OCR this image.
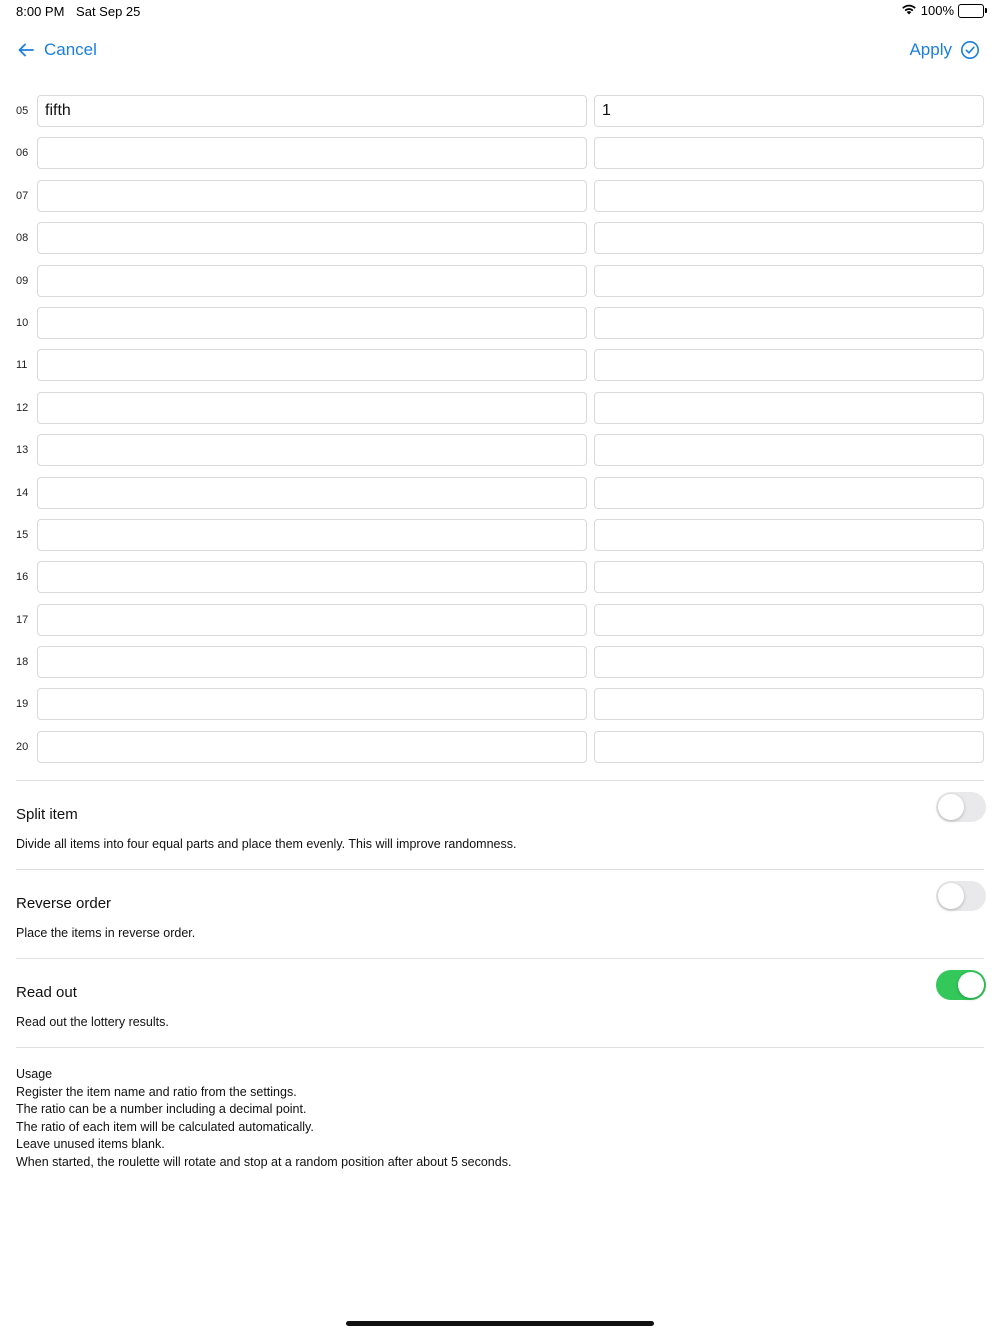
8:00 PM Sat Sep 25	100%
Cancel	Apply
05
fifth
1
06
07
08
09
10
11
12
13
14
15
16
17
18
19
20
Split item
Divide all items into four equal parts and place them evenly. This will improve randomness.
Reverse order
Place the items in reverse order.
Read out
Read out the lottery results.
Usage
Register the item name and ratio from the settings.
The ratio can be a number including a decimal point.
The ratio of each item will be calculated automatically.
Leave unused items blank.
When started, the roulette will rotate and stop at a random position after about 5 seconds.
